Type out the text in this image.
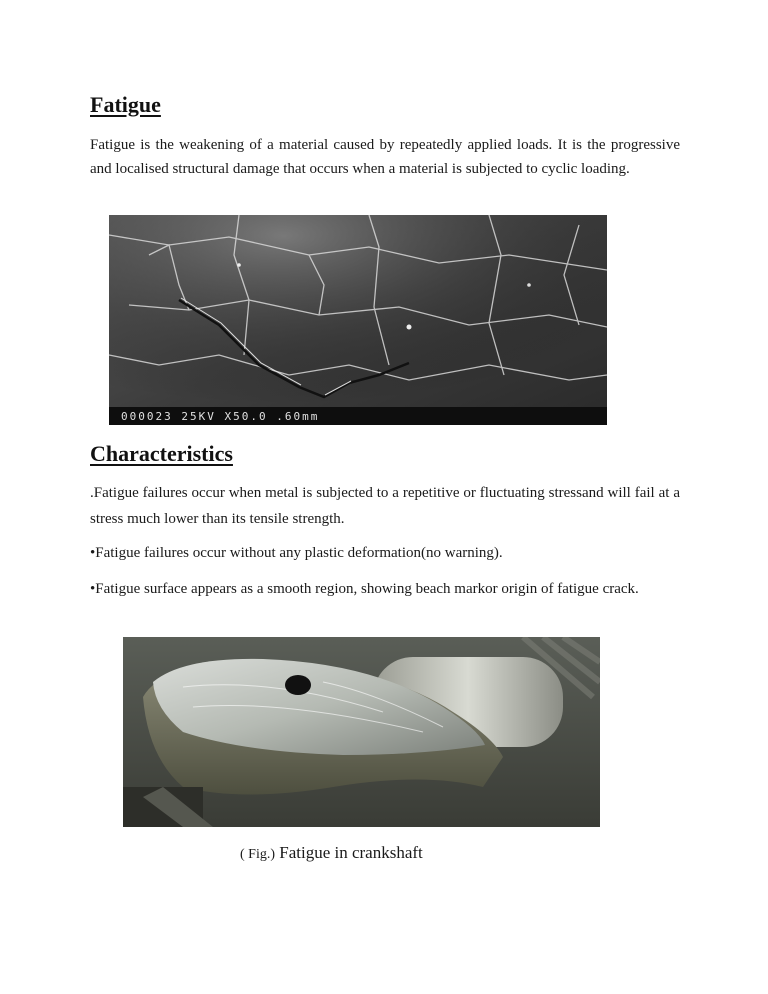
Fatigue

Fatigue is the weakening of a material caused by repeatedly applied loads. It is the progressive and localised structural damage that occurs when a material is subjected to cyclic loading.

000023 25KV X50.0 .60mm
Characteristics

.Fatigue failures occur when metal is subjected to a repetitive or fluctuating stressand will fail at a stress much lower than its tensile strength.

•Fatigue failures occur without any plastic deformation(no warning).

•Fatigue surface appears as a smooth region, showing beach markor origin of fatigue crack.

( Fig.) Fatigue in crankshaft
